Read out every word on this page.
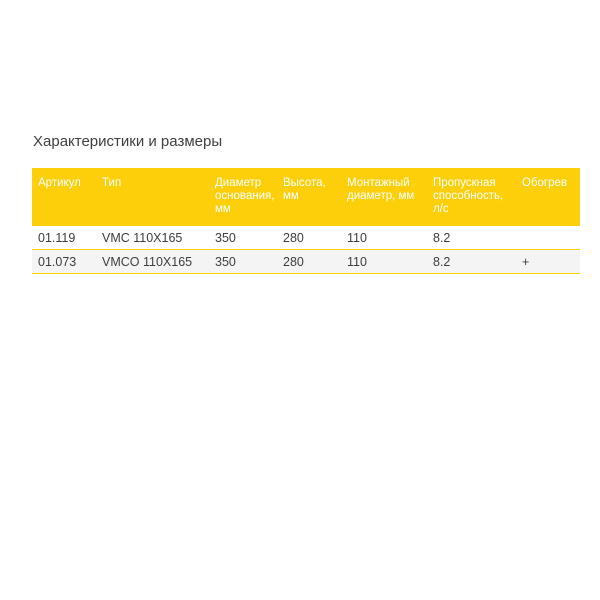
Характеристики и размеры
Артикул	Тип	Диаметр основания, мм	Высота, мм	Монтажный диаметр, мм	Пропускная способность, л/с	Обогрев
01.119	VMC 110X165	350	280	110	8.2	
01.073	VMCO 110X165	350	280	110	8.2	+
